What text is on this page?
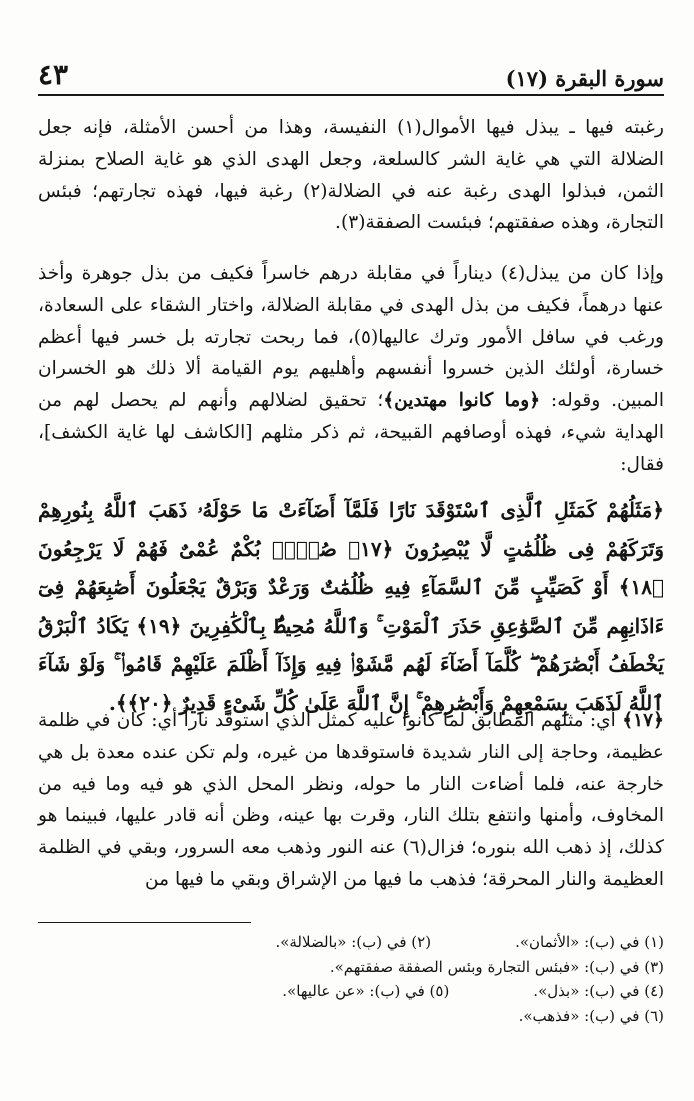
سورة البقرة (١٧)
٤٣

رغبته فيها ـ يبذل فيها الأموال(١) النفيسة، وهذا من أحسن الأمثلة، فإنه جعل الضلالة التي هي غاية الشر كالسلعة، وجعل الهدى الذي هو غاية الصلاح بمنزلة الثمن، فبذلوا الهدى رغبة عنه في الضلالة(٢) رغبة فيها، فهذه تجارتهم؛ فبئس التجارة، وهذه صفقتهم؛ فبئست الصفقة(٣).

وإذا كان من يبذل(٤) ديناراً في مقابلة درهم خاسراً فكيف من بذل جوهرة وأخذ عنها درهماً، فكيف من بذل الهدى في مقابلة الضلالة، واختار الشقاء على السعادة، ورغب في سافل الأمور وترك عاليها(٥)، فما ربحت تجارته بل خسر فيها أعظم خسارة، أولئك الذين خسروا أنفسهم وأهليهم يوم القيامة ألا ذلك هو الخسران المبين. وقوله: ﴿وما كانوا مهتدين﴾؛ تحقيق لضلالهم وأنهم لم يحصل لهم من الهداية شيء، فهذه أوصافهم القبيحة، ثم ذكر مثلهم [الكاشف لها غاية الكشف]، فقال:

﴿مَثَلُهُمْ كَمَثَلِ ٱلَّذِى ٱسْتَوْقَدَ نَارًا فَلَمَّآ أَضَآءَتْ مَا حَوْلَهُۥ ذَهَبَ ٱللَّهُ بِنُورِهِمْ وَتَرَكَهُمْ فِى ظُلُمَٰتٍ لَّا يُبْصِرُونَ ﴿١٧﴾ صُمٌّۢ بُكْمٌ عُمْىٌ فَهُمْ لَا يَرْجِعُونَ ﴿١٨﴾ أَوْ كَصَيِّبٍ مِّنَ ٱلسَّمَآءِ فِيهِ ظُلُمَٰتٌ وَرَعْدٌ وَبَرْقٌ يَجْعَلُونَ أَصَٰبِعَهُمْ فِىٓ ءَاذَانِهِم مِّنَ ٱلصَّوَٰعِقِ حَذَرَ ٱلْمَوْتِ ۚ وَٱللَّهُ مُحِيطٌۢ بِٱلْكَٰفِرِينَ ﴿١٩﴾ يَكَادُ ٱلْبَرْقُ يَخْطَفُ أَبْصَٰرَهُمْ ۖ كُلَّمَآ أَضَآءَ لَهُم مَّشَوْا۟ فِيهِ وَإِذَآ أَظْلَمَ عَلَيْهِمْ قَامُوا۟ ۚ وَلَوْ شَآءَ ٱللَّهُ لَذَهَبَ بِسَمْعِهِمْ وَأَبْصَٰرِهِمْ ۚ إِنَّ ٱللَّهَ عَلَىٰ كُلِّ شَىْءٍ قَدِيرٌ ﴿٢٠﴾﴾.

﴿١٧﴾ أي: مثلهم المطابق لما كانوا عليه كمثل الذي استوقد ناراً أي: كان في ظلمة عظيمة، وحاجة إلى النار شديدة فاستوقدها من غيره، ولم تكن عنده معدة بل هي خارجة عنه، فلما أضاءت النار ما حوله، ونظر المحل الذي هو فيه وما فيه من المخاوف، وأمنها وانتفع بتلك النار، وقرت بها عينه، وظن أنه قادر عليها، فبينما هو كذلك، إذ ذهب الله بنوره؛ فزال(٦) عنه النور وذهب معه السرور، وبقي في الظلمة العظيمة والنار المحرقة؛ فذهب ما فيها من الإشراق وبقي ما فيها من

(١) في (ب): «الأثمان».(٢) في (ب): «بالضلالة».
(٣) في (ب): «فبئس التجارة وبئس الصفقة صفقتهم».
(٤) في (ب): «بذل».(٥) في (ب): «عن عاليها».
(٦) في (ب): «فذهب».
